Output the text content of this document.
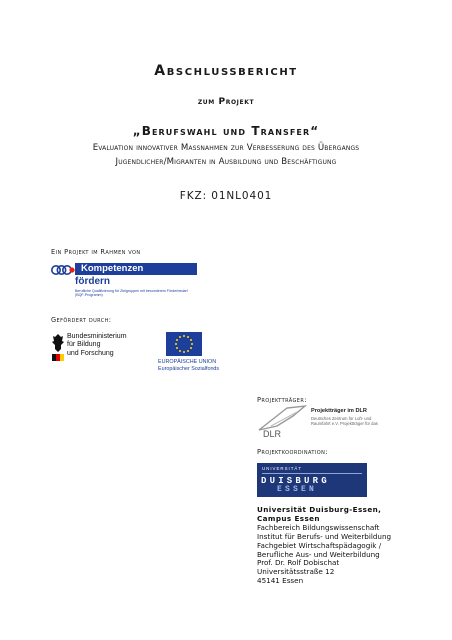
Abschlussbericht
zum Projekt
„Berufswahl und Transfer“
Evaluation innovativer Maßnahmen zur Verbesserung des Übergangs Jugendlicher/Migranten in Ausbildung und Beschäftigung
FKZ: 01NL0401
Ein Projekt im Rahmen von
Kompetenzen
fördern
Berufliche Qualifizierung für Zielgruppen mit besonderem Förderbedarf (BQF-Programm)
Gefördert durch:
Bundesministerium
für Bildung
und Forschung
EUROPÄISCHE UNION
Europäischer Sozialfonds
Projektträger:
Projektträger im DLR
Deutsches Zentrum für Luft- und Raumfahrt e.V. Projektträger für das
DLR
Projektkoordination:
UNIVERSITÄT
DUISBURG
ESSEN
Universität Duisburg-Essen,
Campus Essen
Fachbereich Bildungswissenschaft
Institut für Berufs- und Weiterbildung
Fachgebiet Wirtschaftspädagogik /
Berufliche Aus- und Weiterbildung
Prof. Dr. Rolf Dobischat
Universitätsstraße 12
45141 Essen
